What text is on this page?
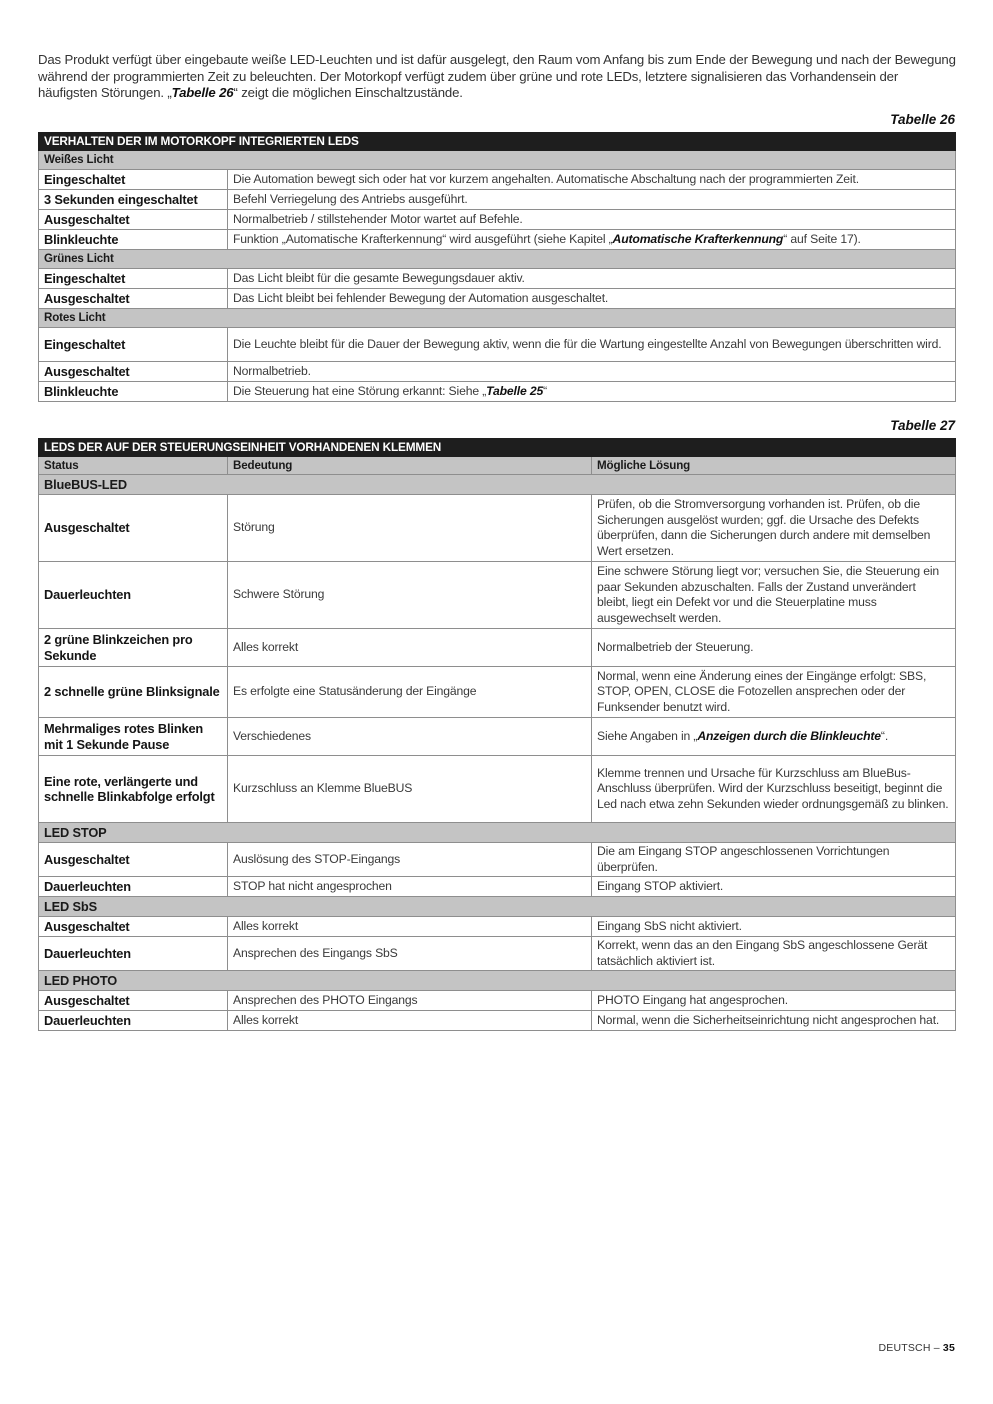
Das Produkt verfügt über eingebaute weiße LED-Leuchten und ist dafür ausgelegt, den Raum vom Anfang bis zum Ende der Bewegung und nach der Bewegung während der programmierten Zeit zu beleuchten. Der Motorkopf verfügt zudem über grüne und rote LEDs, letztere signalisieren das Vorhandensein der häufigsten Störungen. „Tabelle 26“ zeigt die möglichen Einschaltzustände.
Tabelle 26
VERHALTEN DER IM MOTORKOPF INTEGRIERTEN LEDS	
Weißes Licht	
Eingeschaltet	Die Automation bewegt sich oder hat vor kurzem angehalten. Automatische Abschaltung nach der programmierten Zeit.
3 Sekunden eingeschaltet	Befehl Verriegelung des Antriebs ausgeführt.
Ausgeschaltet	Normalbetrieb / stillstehender Motor wartet auf Befehle.
Blinkleuchte	Funktion „Automatische Krafterkennung“ wird ausgeführt (siehe Kapitel „Automatische Krafterkennung“ auf Seite 17).
Grünes Licht	
Eingeschaltet	Das Licht bleibt für die gesamte Bewegungsdauer aktiv.
Ausgeschaltet	Das Licht bleibt bei fehlender Bewegung der Automation ausgeschaltet.
Rotes Licht	
Eingeschaltet	Die Leuchte bleibt für die Dauer der Bewegung aktiv, wenn die für die Wartung eingestellte Anzahl von Bewegungen überschritten wird.
Ausgeschaltet	Normalbetrieb.
Blinkleuchte	Die Steuerung hat eine Störung erkannt: Siehe „Tabelle 25“
Tabelle 27
LEDS DER AUF DER STEUERUNGSEINHEIT VORHANDENEN KLEMMEN		
Status	Bedeutung	Mögliche Lösung
BlueBUS-LED		
Ausgeschaltet	Störung	Prüfen, ob die Stromversorgung vorhanden ist. Prüfen, ob die Sicherungen ausgelöst wurden; ggf. die Ursache des Defekts überprüfen, dann die Sicherungen durch andere mit demselben Wert ersetzen.
Dauerleuchten	Schwere Störung	Eine schwere Störung liegt vor; versuchen Sie, die Steuerung ein paar Sekunden abzuschalten. Falls der Zustand unverändert bleibt, liegt ein Defekt vor und die Steuerplatine muss ausgewechselt werden.
2 grüne Blinkzeichen pro Sekunde	Alles korrekt	Normalbetrieb der Steuerung.
2 schnelle grüne Blinksignale	Es erfolgte eine Statusänderung der Eingänge	Normal, wenn eine Änderung eines der Eingänge erfolgt: SBS, STOP, OPEN, CLOSE die Fotozellen ansprechen oder der Funksender benutzt wird.
Mehrmaliges rotes Blinken mit 1 Sekunde Pause	Verschiedenes	Siehe Angaben in „Anzeigen durch die Blinkleuchte“.
Eine rote, verlängerte und schnelle Blinkabfolge erfolgt	Kurzschluss an Klemme BlueBUS	Klemme trennen und Ursache für Kurzschluss am BlueBus-Anschluss überprüfen. Wird der Kurzschluss beseitigt, beginnt die Led nach etwa zehn Sekunden wieder ordnungsgemäß zu blinken.
LED STOP		
Ausgeschaltet	Auslösung des STOP-Eingangs	Die am Eingang STOP angeschlossenen Vorrichtungen überprüfen.
Dauerleuchten	STOP hat nicht angesprochen	Eingang STOP aktiviert.
LED SbS		
Ausgeschaltet	Alles korrekt	Eingang SbS nicht aktiviert.
Dauerleuchten	Ansprechen des Eingangs SbS	Korrekt, wenn das an den Eingang SbS angeschlossene Gerät tatsächlich aktiviert ist.
LED PHOTO		
Ausgeschaltet	Ansprechen des PHOTO Eingangs	PHOTO Eingang hat angesprochen.
Dauerleuchten	Alles korrekt	Normal, wenn die Sicherheitseinrichtung nicht angesprochen hat.
DEUTSCH – 35
